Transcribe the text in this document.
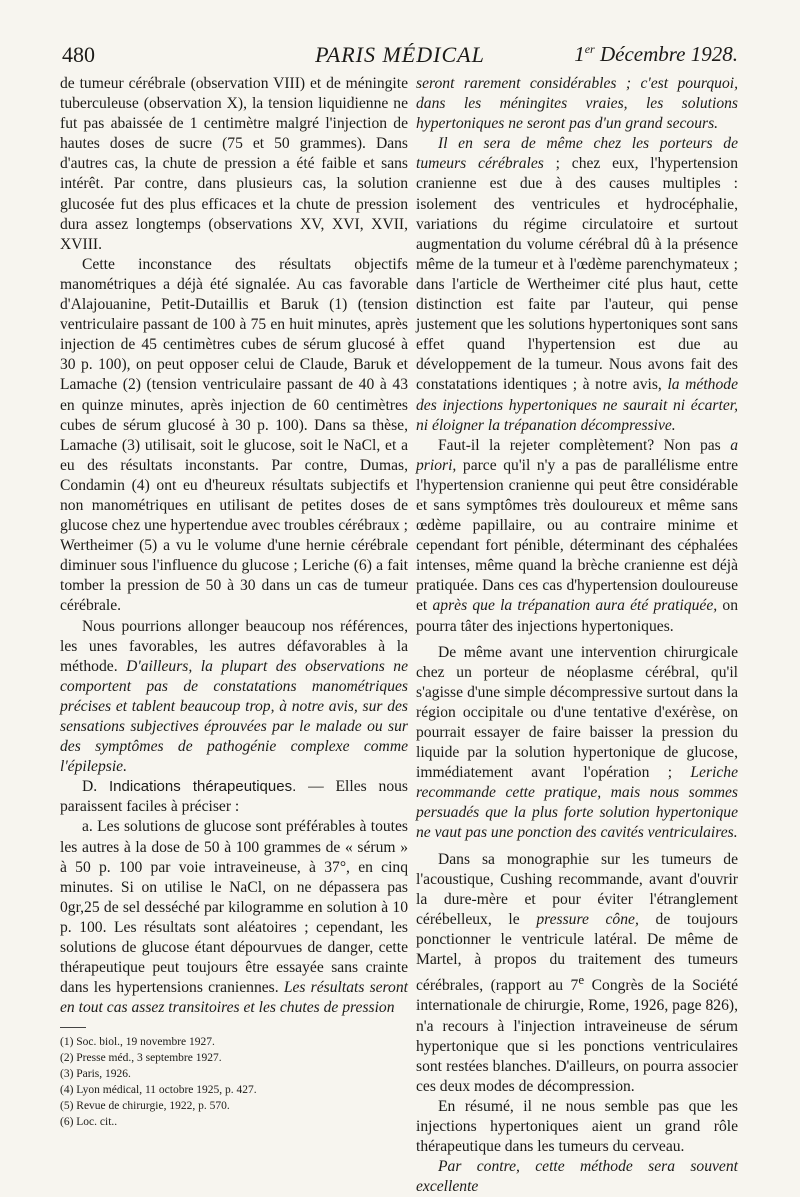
480	PARIS MÉDICAL	1er Décembre 1928.

de tumeur cérébrale (observation VIII) et de méningite tuberculeuse (observation X), la tension liquidienne ne fut pas abaissée de 1 centimètre malgré l'injection de hautes doses de sucre (75 et 50 grammes). Dans d'autres cas, la chute de pression a été faible et sans intérêt. Par contre, dans plusieurs cas, la solution glucosée fut des plus efficaces et la chute de pression dura assez longtemps (observations XV, XVI, XVII, XVIII.

Cette inconstance des résultats objectifs manométriques a déjà été signalée. Au cas favorable d'Alajouanine, Petit-Dutaillis et Baruk (1) (tension ventriculaire passant de 100 à 75 en huit minutes, après injection de 45 centimètres cubes de sérum glucosé à 30 p. 100), on peut opposer celui de Claude, Baruk et Lamache (2) (tension ventriculaire passant de 40 à 43 en quinze minutes, après injection de 60 centimètres cubes de sérum glucosé à 30 p. 100). Dans sa thèse, Lamache (3) utilisait, soit le glucose, soit le NaCl, et a eu des résultats inconstants. Par contre, Dumas, Condamin (4) ont eu d'heureux résultats subjectifs et non manométriques en utilisant de petites doses de glucose chez une hypertendue avec troubles cérébraux ; Wertheimer (5) a vu le volume d'une hernie cérébrale diminuer sous l'influence du glucose ; Leriche (6) a fait tomber la pression de 50 à 30 dans un cas de tumeur cérébrale.

Nous pourrions allonger beaucoup nos références, les unes favorables, les autres défavorables à la méthode. D'ailleurs, la plupart des observations ne comportent pas de constatations manométriques précises et tablent beaucoup trop, à notre avis, sur des sensations subjectives éprouvées par le malade ou sur des symptômes de pathogénie complexe comme l'épilepsie.

D. Indications thérapeutiques. — Elles nous paraissent faciles à préciser :

a. Les solutions de glucose sont préférables à toutes les autres à la dose de 50 à 100 grammes de « sérum » à 50 p. 100 par voie intraveineuse, à 37°, en cinq minutes. Si on utilise le NaCl, on ne dépassera pas 0gr,25 de sel desséché par kilogramme en solution à 10 p. 100. Les résultats sont aléatoires ; cependant, les solutions de glucose étant dépourvues de danger, cette thérapeutique peut toujours être essayée sans crainte dans les hypertensions craniennes. Les résultats seront en tout cas assez transitoires et les chutes de pression

(1) Soc. biol., 19 novembre 1927.

(2) Presse méd., 3 septembre 1927.

(3) Paris, 1926.

(4) Lyon médical, 11 octobre 1925, p. 427.

(5) Revue de chirurgie, 1922, p. 570.

(6) Loc. cit..

seront rarement considérables ; c'est pourquoi, dans les méningites vraies, les solutions hypertoniques ne seront pas d'un grand secours.

Il en sera de même chez les porteurs de tumeurs cérébrales ; chez eux, l'hypertension cranienne est due à des causes multiples : isolement des ventricules et hydrocéphalie, variations du régime circulatoire et surtout augmentation du volume cérébral dû à la présence même de la tumeur et à l'œdème parenchymateux ; dans l'article de Wertheimer cité plus haut, cette distinction est faite par l'auteur, qui pense justement que les solutions hypertoniques sont sans effet quand l'hypertension est due au développement de la tumeur. Nous avons fait des constatations identiques ; à notre avis, la méthode des injections hypertoniques ne saurait ni écarter, ni éloigner la trépanation décompressive.

Faut-il la rejeter complètement? Non pas a priori, parce qu'il n'y a pas de parallélisme entre l'hypertension cranienne qui peut être considérable et sans symptômes très douloureux et même sans œdème papillaire, ou au contraire minime et cependant fort pénible, déterminant des céphalées intenses, même quand la brèche cranienne est déjà pratiquée. Dans ces cas d'hypertension douloureuse et après que la trépanation aura été pratiquée, on pourra tâter des injections hypertoniques.

De même avant une intervention chirurgicale chez un porteur de néoplasme cérébral, qu'il s'agisse d'une simple décompressive surtout dans la région occipitale ou d'une tentative d'exérèse, on pourrait essayer de faire baisser la pression du liquide par la solution hypertonique de glucose, immédiatement avant l'opération ; Leriche recommande cette pratique, mais nous sommes persuadés que la plus forte solution hypertonique ne vaut pas une ponction des cavités ventriculaires.

Dans sa monographie sur les tumeurs de l'acoustique, Cushing recommande, avant d'ouvrir la dure-mère et pour éviter l'étranglement cérébelleux, le pressure cône, de toujours ponctionner le ventricule latéral. De même de Martel, à propos du traitement des tumeurs cérébrales, (rapport au 7e Congrès de la Société internationale de chirurgie, Rome, 1926, page 826), n'a recours à l'injection intraveineuse de sérum hypertonique que si les ponctions ventriculaires sont restées blanches. D'ailleurs, on pourra associer ces deux modes de décompression.

En résumé, il ne nous semble pas que les injections hypertoniques aient un grand rôle thérapeutique dans les tumeurs du cerveau.

Par contre, cette méthode sera souvent excellente
